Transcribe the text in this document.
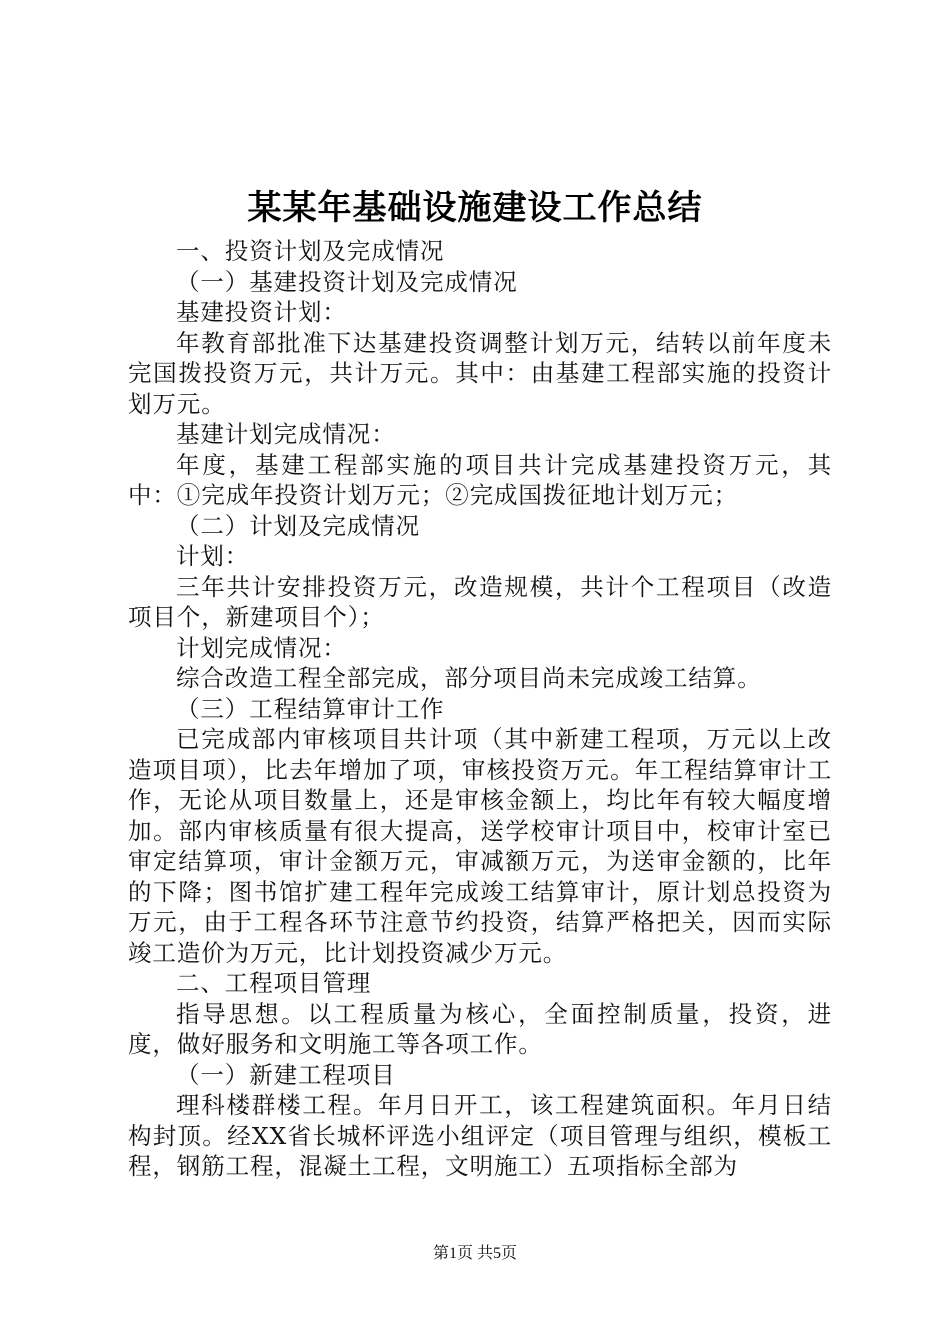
某某年基础设施建设工作总结

一、投资计划及完成情况

（一）基建投资计划及完成情况

基建投资计划：

年教育部批准下达基建投资调整计划万元，结转以前年度未完国拨投资万元，共计万元。其中：由基建工程部实施的投资计划万元。

基建计划完成情况：

年度，基建工程部实施的项目共计完成基建投资万元，其中：①完成年投资计划万元；②完成国拨征地计划万元；

（二）计划及完成情况

计划：

三年共计安排投资万元，改造规模，共计个工程项目（改造项目个，新建项目个）；

计划完成情况：

综合改造工程全部完成，部分项目尚未完成竣工结算。

（三）工程结算审计工作

已完成部内审核项目共计项（其中新建工程项，万元以上改造项目项），比去年增加了项，审核投资万元。年工程结算审计工作，无论从项目数量上，还是审核金额上，均比年有较大幅度增加。部内审核质量有很大提高，送学校审计项目中，校审计室已审定结算项，审计金额万元，审减额万元，为送审金额的，比年的下降；图书馆扩建工程年完成竣工结算审计，原计划总投资为万元，由于工程各环节注意节约投资，结算严格把关，因而实际竣工造价为万元，比计划投资减少万元。

二、工程项目管理

指导思想。以工程质量为核心，全面控制质量，投资，进度，做好服务和文明施工等各项工作。

（一）新建工程项目

理科楼群楼工程。年月日开工，该工程建筑面积。年月日结构封顶。经XX省长城杯评选小组评定（项目管理与组织，模板工程，钢筋工程，混凝土工程，文明施工）五项指标全部为

第1页 共5页
